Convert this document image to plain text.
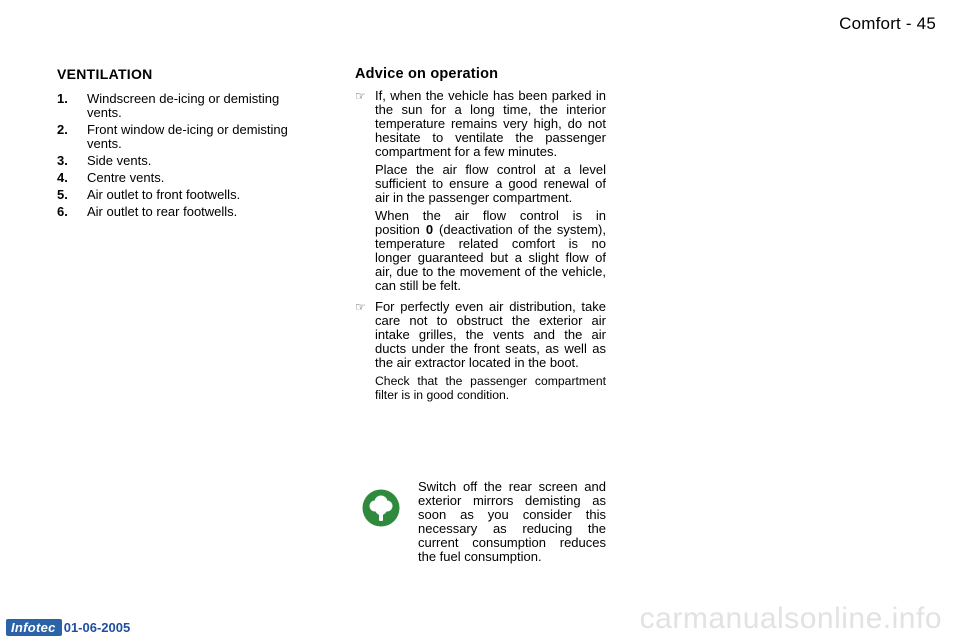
Comfort - 45
VENTILATION
1.	Windscreen de-icing or demisting vents.
2.	Front window de-icing or demisting vents.
3.	Side vents.
4.	Centre vents.
5.	Air outlet to front footwells.
6.	Air outlet to rear footwells.
Advice on operation
☞ If, when the vehicle has been parked in the sun for a long time, the interior temperature remains very high, do not hesitate to ventilate the passenger compartment for a few minutes.

Place the air flow control at a level sufficient to ensure a good renewal of air in the passenger compartment.

When the air flow control is in position 0 (deactivation of the system), temperature related comfort is no longer guaranteed but a slight flow of air, due to the movement of the vehicle, can still be felt.

☞ For perfectly even air distribution, take care not to obstruct the exterior air intake grilles, the vents and the air ducts under the front seats, as well as the air extractor located in the boot.

Check that the passenger compartment filter is in good condition.

Switch off the rear screen and exterior mirrors demisting as soon as you consider this necessary as reducing the current consumption reduces the fuel consumption.

Infotec 01-06-2005	carmanualsonline.info
